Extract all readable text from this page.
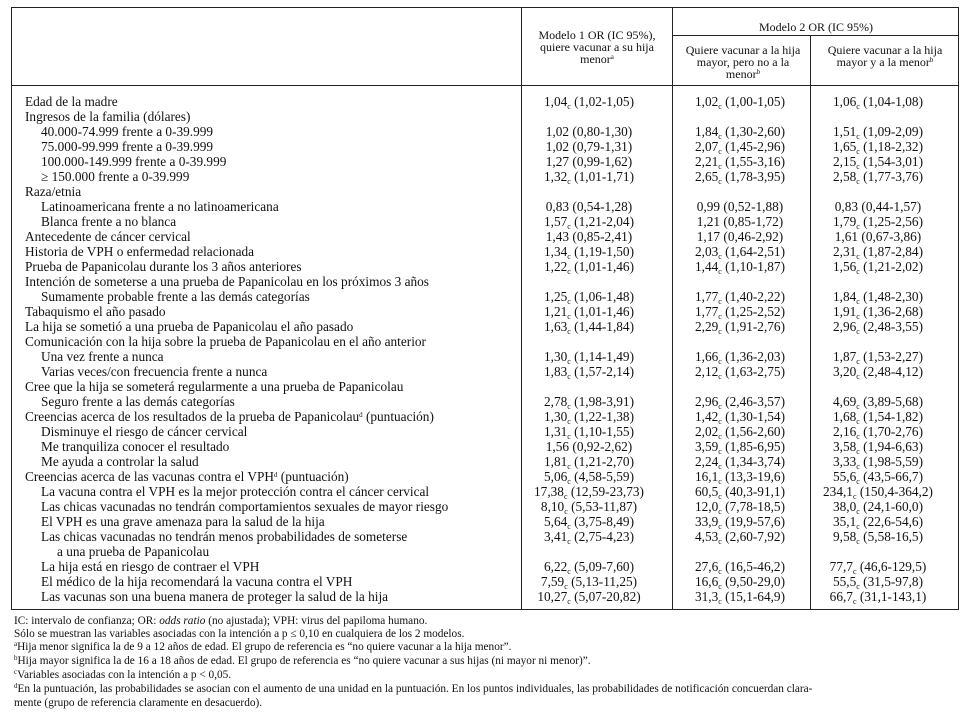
Modelo 1 OR (IC 95%), quiere vacunar a su hija menor$^a$
Modelo 2 OR (IC 95%)
Quiere vacunar a la hija mayor, pero no a la menor$^b$
Quiere vacunar a la hija mayor y a la menor$^b$
Edad de la madre	$1,04_c$ (1,02-1,05)	$1,02_c$ (1,00-1,05)	$1,06_c$ (1,04-1,08)
Ingresos de la familia (dólares)
40.000-74.999 frente a 0-39.999	1,02 (0,80-1,30)	$1,84_c$ (1,30-2,60)	$1,51_c$ (1,09-2,09)
75.000-99.999 frente a 0-39.999	1,02 (0,79-1,31)	$2,07_c$ (1,45-2,96)	$1,65_c$ (1,18-2,32)
100.000-149.999 frente a 0-39.999	1,27 (0,99-1,62)	$2,21_c$ (1,55-3,16)	$2,15_c$ (1,54-3,01)
≥ 150.000 frente a 0-39.999	$1,32_c$ (1,01-1,71)	$2,65_c$ (1,78-3,95)	$2,58_c$ (1,77-3,76)
Raza/etnia
Latinoamericana frente a no latinoamericana	0,83 (0,54-1,28)	0,99 (0,52-1,88)	0,83 (0,44-1,57)
Blanca frente a no blanca	$1,57_c$ (1,21-2,04)	1,21 (0,85-1,72)	$1,79_c$ (1,25-2,56)
Antecedente de cáncer cervical	1,43 (0,85-2,41)	1,17 (0,46-2,92)	1,61 (0,67-3,86)
Historia de VPH o enfermedad relacionada	$1,34_c$ (1,19-1,50)	$2,03_c$ (1,64-2,51)	$2,31_c$ (1,87-2,84)
Prueba de Papanicolau durante los 3 años anteriores	$1,22_c$ (1,01-1,46)	$1,44_c$ (1,10-1,87)	$1,56_c$ (1,21-2,02)
Intención de someterse a una prueba de Papanicolau en los próximos 3 años
Sumamente probable frente a las demás categorías	$1,25_c$ (1,06-1,48)	$1,77_c$ (1,40-2,22)	$1,84_c$ (1,48-2,30)
Tabaquismo el año pasado	$1,21_c$ (1,01-1,46)	$1,77_c$ (1,25-2,52)	$1,91_c$ (1,36-2,68)
La hija se sometió a una prueba de Papanicolau el año pasado	$1,63_c$ (1,44-1,84)	$2,29_c$ (1,91-2,76)	$2,96_c$ (2,48-3,55)
Comunicación con la hija sobre la prueba de Papanicolau en el año anterior
Una vez frente a nunca	$1,30_c$ (1,14-1,49)	$1,66_c$ (1,36-2,03)	$1,87_c$ (1,53-2,27)
Varias veces/con frecuencia frente a nunca	$1,83_c$ (1,57-2,14)	$2,12_c$ (1,63-2,75)	$3,20_c$ (2,48-4,12)
Cree que la hija se someterá regularmente a una prueba de Papanicolau
Seguro frente a las demás categorías	$2,78_c$ (1,98-3,91)	$2,96_c$ (2,46-3,57)	$4,69_c$ (3,89-5,68)
Creencias acerca de los resultados de la prueba de Papanicolau$^d$ (puntuación)	$1,30_c$ (1,22-1,38)	$1,42_c$ (1,30-1,54)	$1,68_c$ (1,54-1,82)
Disminuye el riesgo de cáncer cervical	$1,31_c$ (1,10-1,55)	$2,02_c$ (1,56-2,60)	$2,16_c$ (1,70-2,76)
Me tranquiliza conocer el resultado	1,56 (0,92-2,62)	$3,59_c$ (1,85-6,95)	$3,58_c$ (1,94-6,63)
Me ayuda a controlar la salud	$1,81_c$ (1,21-2,70)	$2,24_c$ (1,34-3,74)	$3,33_c$ (1,98-5,59)
Creencias acerca de las vacunas contra el VPH$^d$ (puntuación)	$5,06_c$ (4,58-5,59)	$16,1_c$ (13,3-19,6)	$55,6_c$ (43,5-66,7)
La vacuna contra el VPH es la mejor protección contra el cáncer cervical	$17,38_c$ (12,59-23,73)	$60,5_c$ (40,3-91,1)	$234,1_c$ (150,4-364,2)
Las chicas vacunadas no tendrán comportamientos sexuales de mayor riesgo	$8,10_c$ (5,53-11,87)	$12,0_c$ (7,78-18,5)	$38,0_c$ (24,1-60,0)
El VPH es una grave amenaza para la salud de la hija	$5,64_c$ (3,75-8,49)	$33,9_c$ (19,9-57,6)	$35,1_c$ (22,6-54,6)
Las chicas vacunadas no tendrán menos probabilidades de someterse	$3,41_c$ (2,75-4,23)	$4,53_c$ (2,60-7,92)	$9,58_c$ (5,58-16,5)
a una prueba de Papanicolau
La hija está en riesgo de contraer el VPH	$6,22_c$ (5,09-7,60)	$27,6_c$ (16,5-46,2)	$77,7_c$ (46,6-129,5)
El médico de la hija recomendará la vacuna contra el VPH	$7,59_c$ (5,13-11,25)	$16,6_c$ (9,50-29,0)	$55,5_c$ (31,5-97,8)
Las vacunas son una buena manera de proteger la salud de la hija	$10,27_c$ (5,07-20,82)	$31,3_c$ (15,1-64,9)	$66,7_c$ (31,1-143,1)
IC: intervalo de confianza; OR: odds ratio (no ajustada); VPH: virus del papiloma humano.
Sólo se muestran las variables asociadas con la intención a p ≤ 0,10 en cualquiera de los 2 modelos.
$^a$Hija menor significa la de 9 a 12 años de edad. El grupo de referencia es “no quiere vacunar a la hija menor”.
$^b$Hija mayor significa la de 16 a 18 años de edad. El grupo de referencia es “no quiere vacunar a sus hijas (ni mayor ni menor)”.
$^c$Variables asociadas con la intención a p < 0,05.
$^d$En la puntuación, las probabilidades se asocian con el aumento de una unidad en la puntuación. En los puntos individuales, las probabilidades de notificación concuerdan clara-
mente (grupo de referencia claramente en desacuerdo).
